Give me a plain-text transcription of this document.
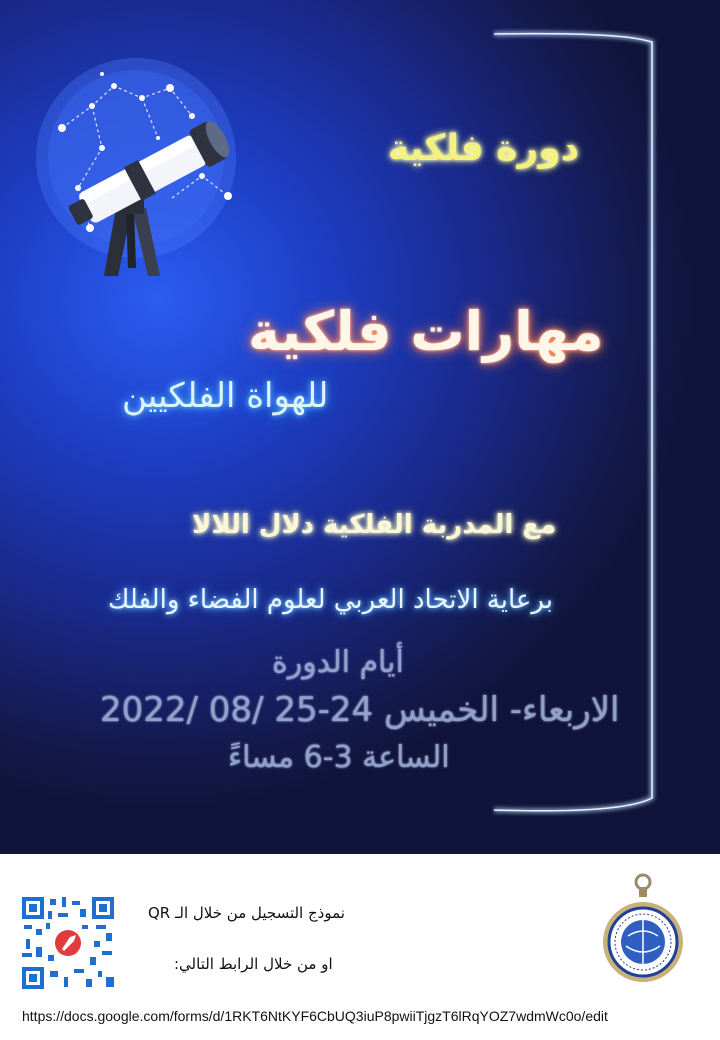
دورة فلكية
مهارات فلكية
للهواة الفلكيين
مع المدربة الفلكية دلال اللالا
برعاية الاتحاد العربي لعلوم الفضاء والفلك
أيام الدورة
الاربعاء- الخميس 24-25 /08 /2022
الساعة 3-6 مساءً
نموذج التسجيل من خلال الـ QR
او من خلال الرابط التالي:
https://docs.google.com/forms/d/1RKT6NtKYF6CbUQ3iuP8pwiiTjgzT6lRqYOZ7wdmWc0o/edit
